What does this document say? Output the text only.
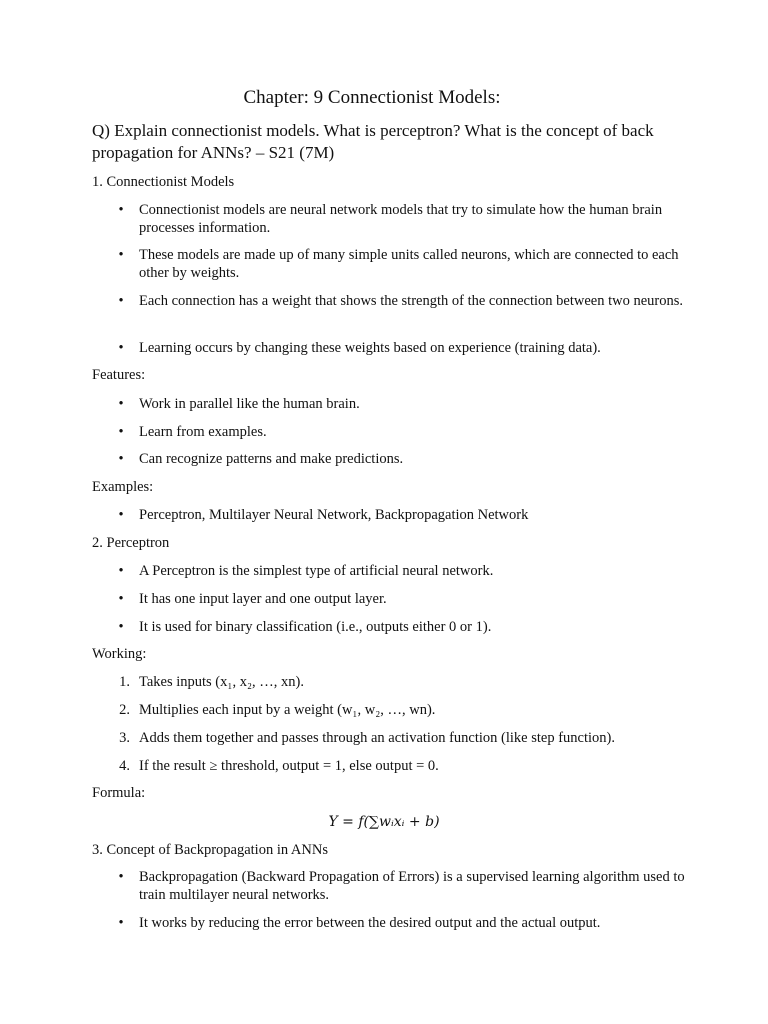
Chapter: 9 Connectionist Models:
Q) Explain connectionist models. What is perceptron? What is the concept of back propagation for ANNs? – S21 (7M)
1. Connectionist Models
• Connectionist models are neural network models that try to simulate how the human brain processes information.
• These models are made up of many simple units called neurons, which are connected to each other by weights.
• Each connection has a weight that shows the strength of the connection between two neurons.
• Learning occurs by changing these weights based on experience (training data).
Features:
• Work in parallel like the human brain.
• Learn from examples.
• Can recognize patterns and make predictions.
Examples:
• Perceptron, Multilayer Neural Network, Backpropagation Network
2. Perceptron
• A Perceptron is the simplest type of artificial neural network.
• It has one input layer and one output layer.
• It is used for binary classification (i.e., outputs either 0 or 1).
Working:
1. Takes inputs (x₁, x₂, …, xn).
2. Multiplies each input by a weight (w₁, w₂, …, wn).
3. Adds them together and passes through an activation function (like step function).
4. If the result ≥ threshold, output = 1, else output = 0.
Formula:
Y = f(∑wᵢxᵢ + b)
3. Concept of Backpropagation in ANNs
• Backpropagation (Backward Propagation of Errors) is a supervised learning algorithm used to train multilayer neural networks.
• It works by reducing the error between the desired output and the actual output.
